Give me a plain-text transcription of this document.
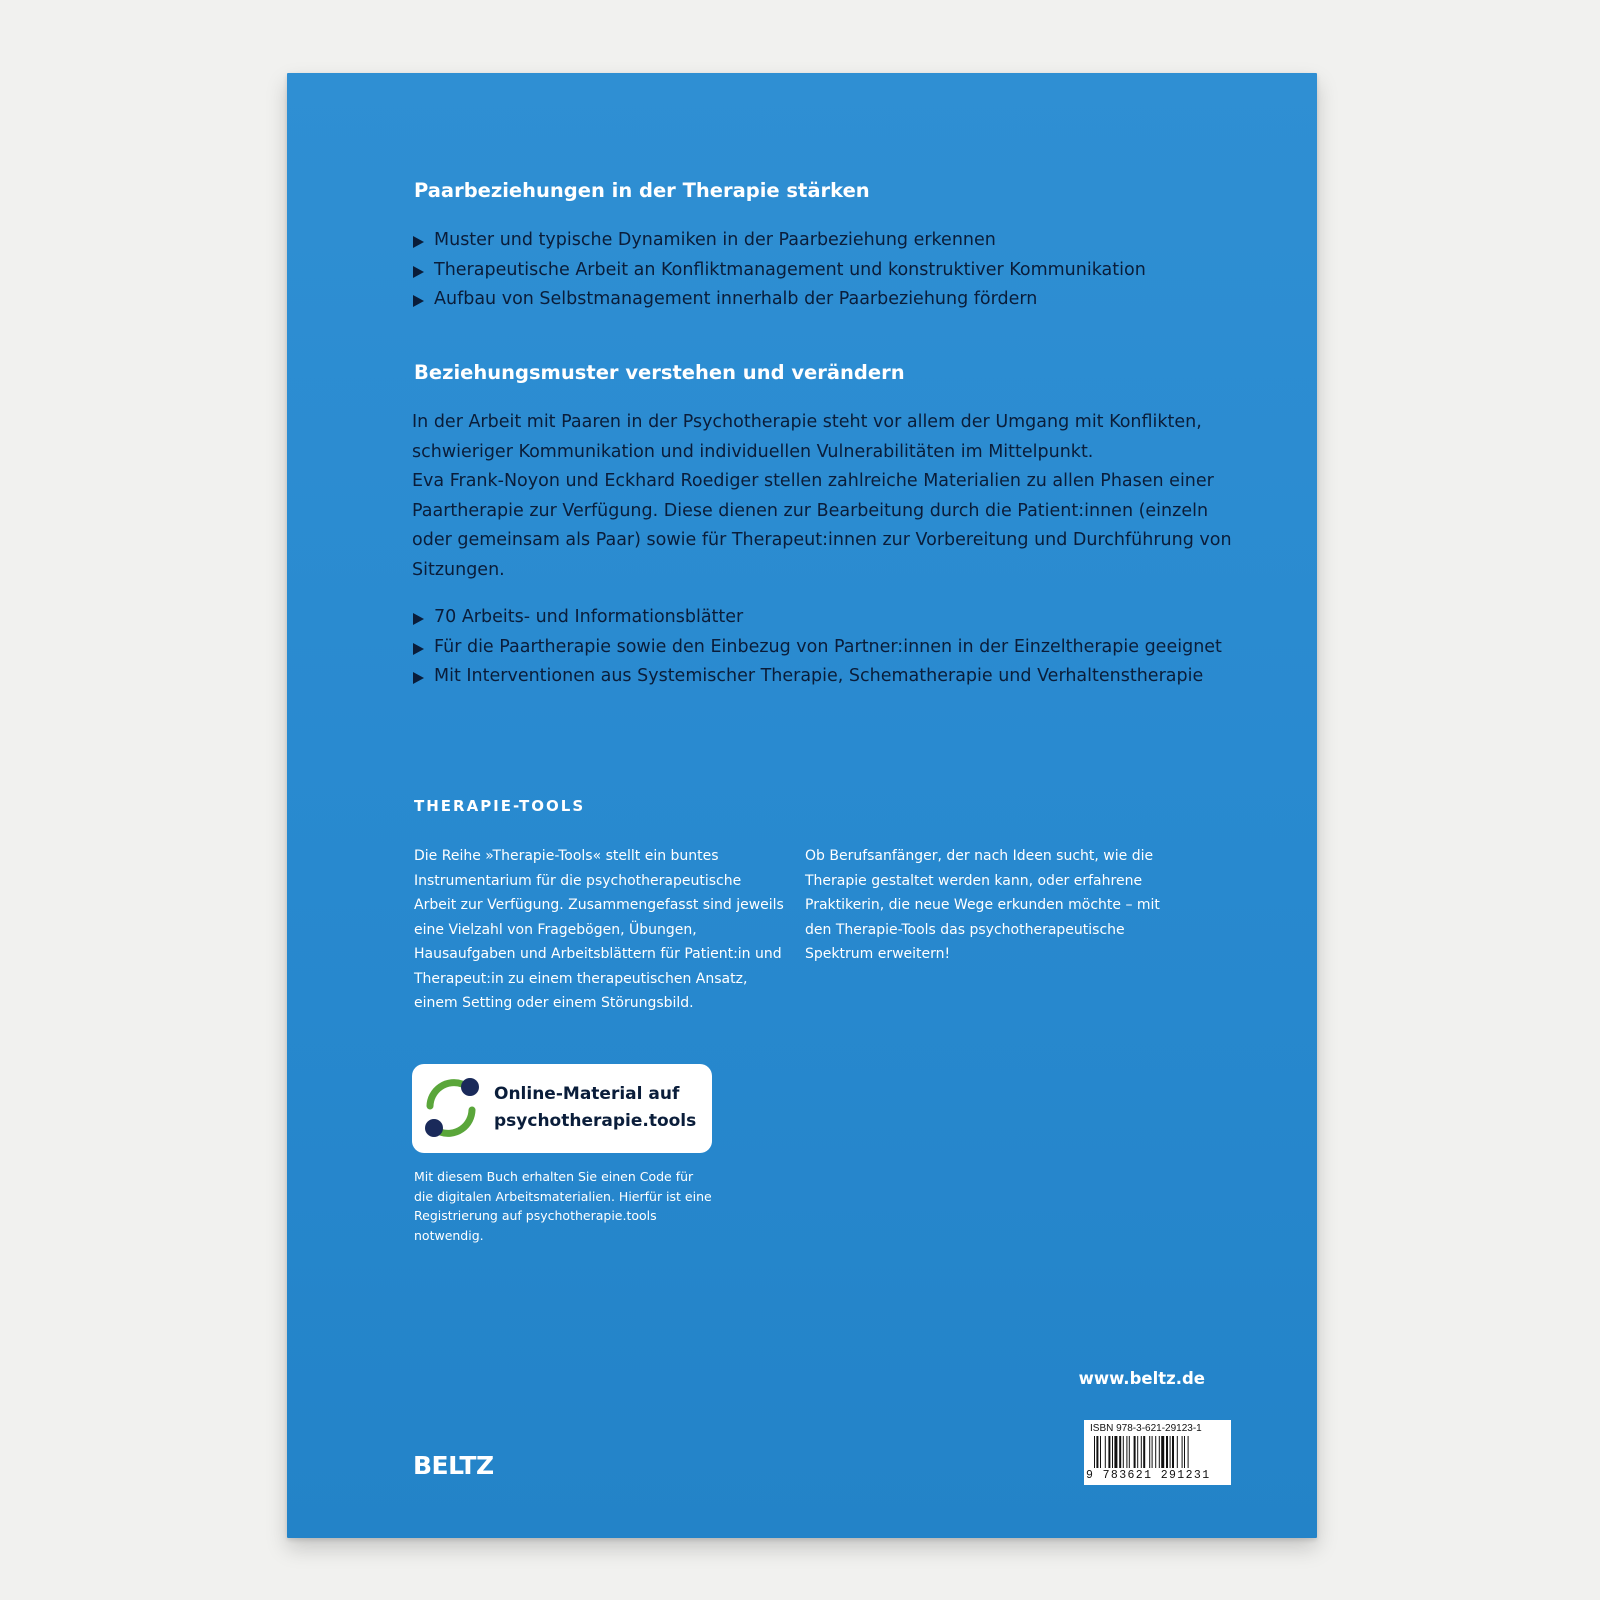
Paarbeziehungen in der Therapie stärken
Muster und typische Dynamiken in der Paarbeziehung erkennen
Therapeutische Arbeit an Konfliktmanagement und konstruktiver Kommunikation
Aufbau von Selbstmanagement innerhalb der Paarbeziehung fördern
Beziehungsmuster verstehen und verändern

In der Arbeit mit Paaren in der Psychotherapie steht vor allem der Umgang mit Konflikten, schwieriger Kommunikation und individuellen Vulnerabilitäten im Mittelpunkt.

Eva Frank-Noyon und Eckhard Roediger stellen zahlreiche Materialien zu allen Phasen einer Paartherapie zur Verfügung. Diese dienen zur Bearbeitung durch die Patient:innen (einzeln oder gemeinsam als Paar) sowie für Therapeut:innen zur Vorbereitung und Durchführung von Sitzungen.

70 Arbeits- und Informationsblätter
Für die Paartherapie sowie den Einbezug von Partner:innen in der Einzeltherapie geeignet
Mit Interventionen aus Systemischer Therapie, Schematherapie und Verhaltenstherapie
THERAPIE-TOOLS

Die Reihe »Therapie-Tools« stellt ein buntes Instrumentarium für die psychotherapeutische Arbeit zur Verfügung. Zusammengefasst sind jeweils eine Vielzahl von Fragebögen, Übungen, Hausaufgaben und Arbeitsblättern für Patient:in und Therapeut:in zu einem therapeutischen Ansatz, einem Setting oder einem Störungsbild.

Ob Berufsanfänger, der nach Ideen sucht, wie die Therapie gestaltet werden kann, oder erfahrene Praktikerin, die neue Wege erkunden möchte – mit den Therapie-Tools das psychotherapeutische Spektrum erweitern!

Online-Material auf
psychotherapie.tools

Mit diesem Buch erhalten Sie einen Code für die digitalen Arbeitsmaterialien. Hierfür ist eine Registrierung auf psychotherapie.tools notwendig.

BELTZ

www.beltz.de

ISBN 978-3-621-29123-1

9 783621 291231
